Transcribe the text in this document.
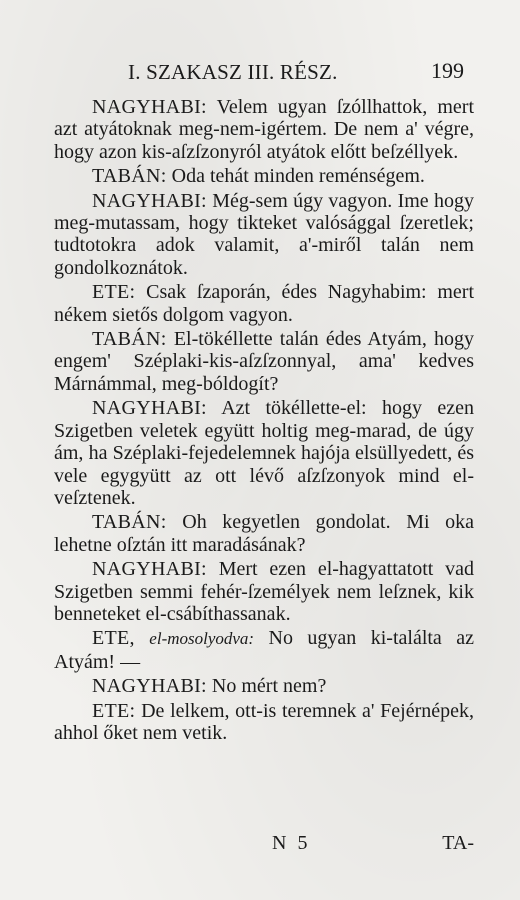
I. SZAKASZ III. RÉSZ.	199

NAGYHABI: Velem ugyan ſzóllhattok, mert azt atyátoknak meg-nem-igértem. De nem a' végre, hogy azon kis-aſzſzonyról atyátok előtt beſzéllyek.

TABÁN: Oda tehát minden reménségem.

NAGYHABI: Még-sem úgy vagyon. Ime hogy meg-mutassam, hogy tikteket valósággal ſzeretlek; tudtotokra adok valamit, a'-miről talán nem gondolkoznátok.

ETE: Csak ſzaporán, édes Nagyhabim: mert nékem sietős dolgom vagyon.

TABÁN: El-tökéllette talán édes Atyám, hogy engem' Széplaki-kis-aſzſzonnyal, ama' kedves Márnámmal, meg-bóldogít?

NAGYHABI: Azt tökéllette-el: hogy ezen Szigetben veletek együtt holtig meg-marad, de úgy ám, ha Széplaki-fejedelemnek hajója elsüllyedett, és vele egygyütt az ott lévő aſzſzonyok mind el-veſztenek.

TABÁN: Oh kegyetlen gondolat. Mi oka lehetne oſztán itt maradásának?

NAGYHABI: Mert ezen el-hagyattatott vad Szigetben semmi fehér-ſzemélyek nem leſznek, kik benneteket el-csábíthassanak.

ETE, el-mosolyodva: No ugyan ki-találta az Atyám! —

NAGYHABI: No mért nem?

ETE: De lelkem, ott-is teremnek a' Fejérnépek, ahhol őket nem vetik.

N 5	TA-
